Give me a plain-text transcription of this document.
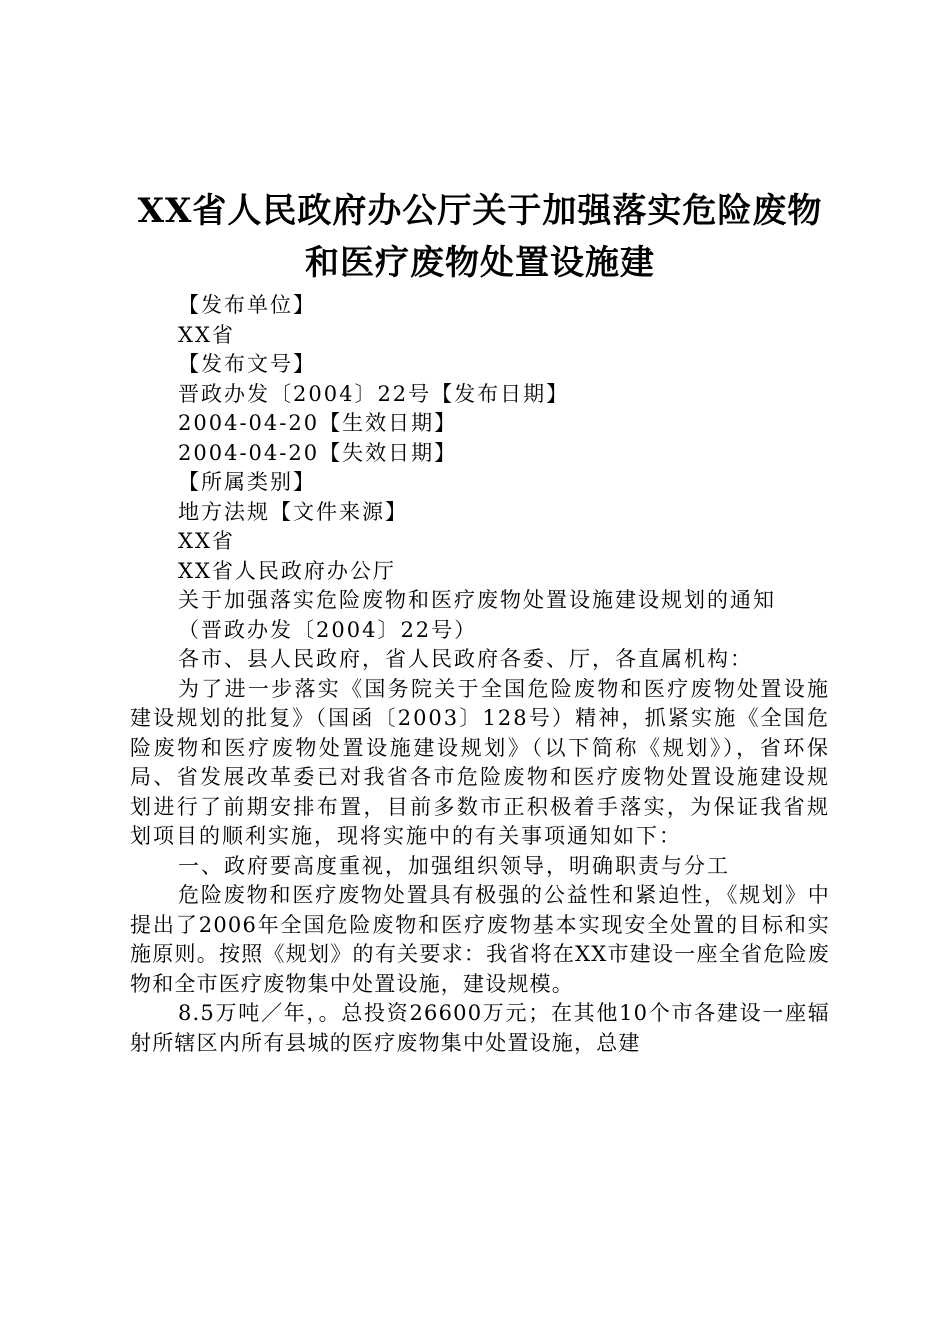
XX省人民政府办公厅关于加强落实危险废物
和医疗废物处置设施建

【发布单位】

XX省

【发布文号】

晋政办发〔2004〕22号【发布日期】

2004-04-20【生效日期】

2004-04-20【失效日期】

【所属类别】

地方法规【文件来源】

XX省

XX省人民政府办公厅

关于加强落实危险废物和医疗废物处置设施建设规划的通知

（晋政办发〔2004〕22号）

各市、县人民政府，省人民政府各委、厅，各直属机构：

为了进一步落实《国务院关于全国危险废物和医疗废物处置设施建设规划的批复》（国函〔2003〕128号）精神，抓紧实施《全国危险废物和医疗废物处置设施建设规划》（以下简称《规划》），省环保局、省发展改革委已对我省各市危险废物和医疗废物处置设施建设规划进行了前期安排布置，目前多数市正积极着手落实，为保证我省规划项目的顺利实施，现将实施中的有关事项通知如下：

一、政府要高度重视，加强组织领导，明确职责与分工

危险废物和医疗废物处置具有极强的公益性和紧迫性，《规划》中提出了2006年全国危险废物和医疗废物基本实现安全处置的目标和实施原则。按照《规划》的有关要求：我省将在XX市建设一座全省危险废物和全市医疗废物集中处置设施，建设规模。

8.5万吨／年，。总投资26600万元；在其他10个市各建设一座辐射所辖区内所有县城的医疗废物集中处置设施，总建
